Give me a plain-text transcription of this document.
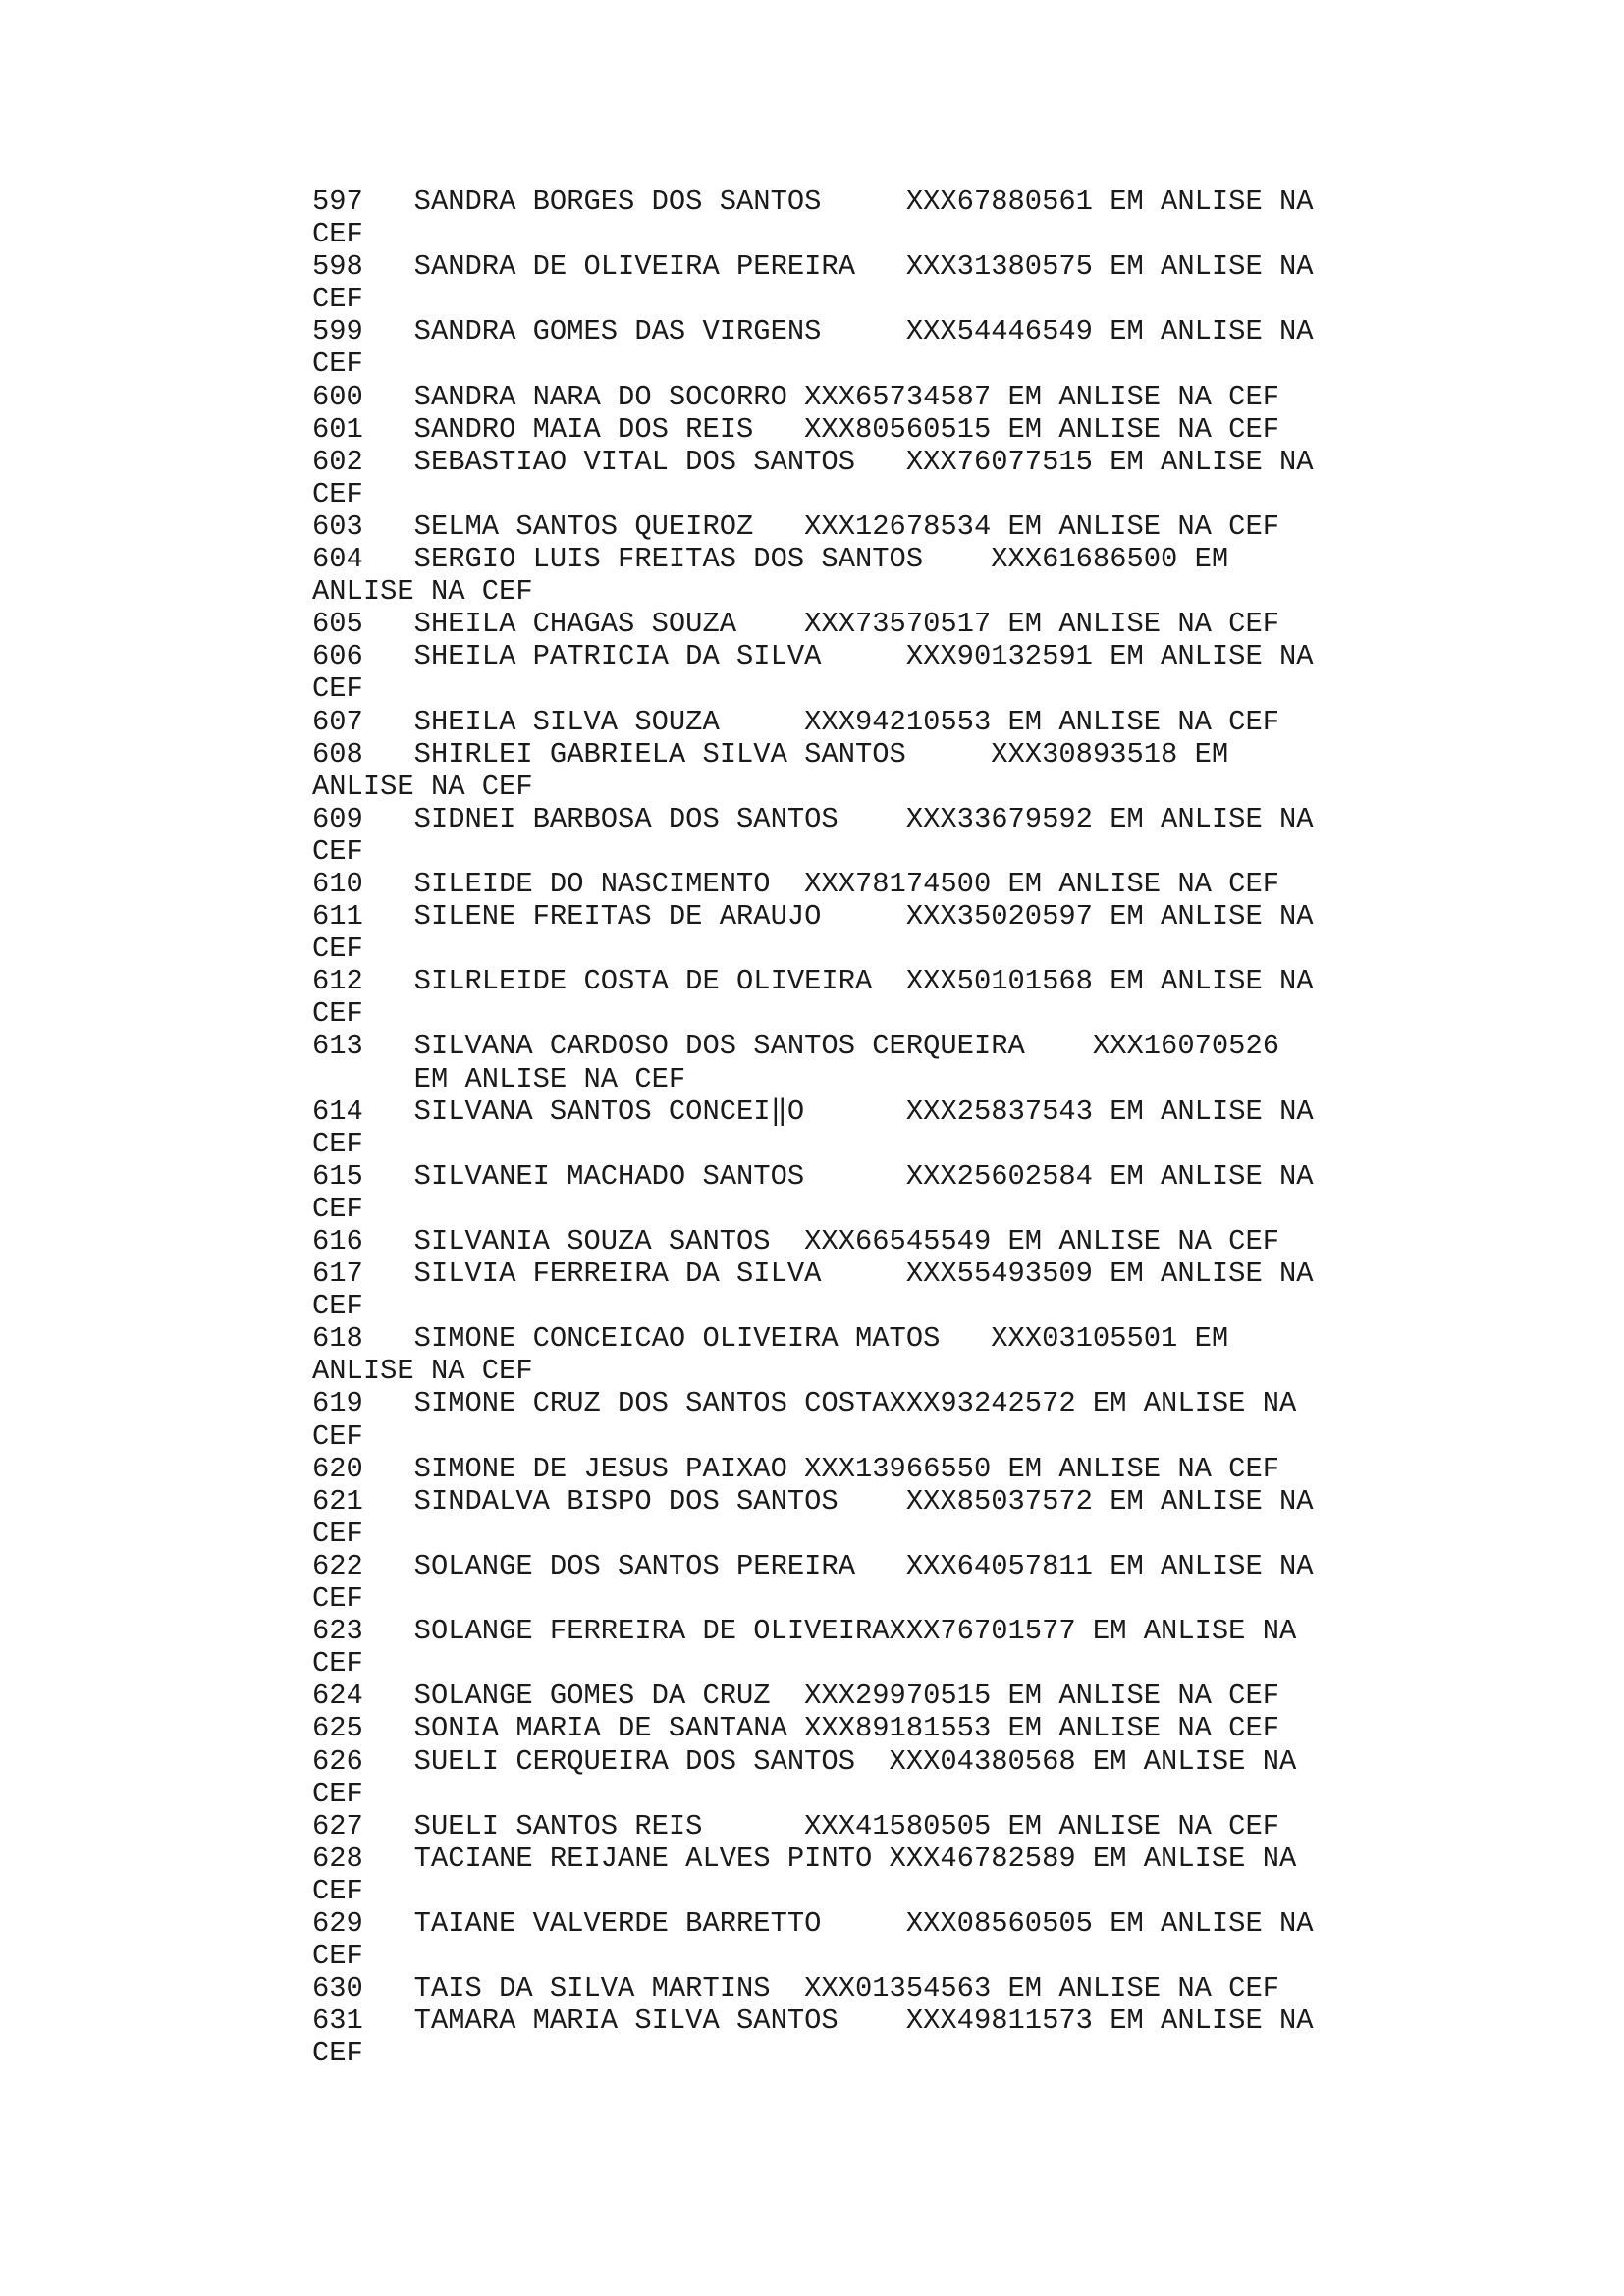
597   SANDRA BORGES DOS SANTOS     XXX67880561 EM ANLISE NA
CEF
598   SANDRA DE OLIVEIRA PEREIRA   XXX31380575 EM ANLISE NA
CEF
599   SANDRA GOMES DAS VIRGENS     XXX54446549 EM ANLISE NA
CEF
600   SANDRA NARA DO SOCORRO XXX65734587 EM ANLISE NA CEF
601   SANDRO MAIA DOS REIS   XXX80560515 EM ANLISE NA CEF
602   SEBASTIAO VITAL DOS SANTOS   XXX76077515 EM ANLISE NA
CEF
603   SELMA SANTOS QUEIROZ   XXX12678534 EM ANLISE NA CEF
604   SERGIO LUIS FREITAS DOS SANTOS    XXX61686500 EM
ANLISE NA CEF
605   SHEILA CHAGAS SOUZA    XXX73570517 EM ANLISE NA CEF
606   SHEILA PATRICIA DA SILVA     XXX90132591 EM ANLISE NA
CEF
607   SHEILA SILVA SOUZA     XXX94210553 EM ANLISE NA CEF
608   SHIRLEI GABRIELA SILVA SANTOS     XXX30893518 EM
ANLISE NA CEF
609   SIDNEI BARBOSA DOS SANTOS    XXX33679592 EM ANLISE NA
CEF
610   SILEIDE DO NASCIMENTO  XXX78174500 EM ANLISE NA CEF
611   SILENE FREITAS DE ARAUJO     XXX35020597 EM ANLISE NA
CEF
612   SILRLEIDE COSTA DE OLIVEIRA  XXX50101568 EM ANLISE NA
CEF
613   SILVANA CARDOSO DOS SANTOS CERQUEIRA    XXX16070526
EM ANLISE NA CEF
614   SILVANA SANTOS CONCEI‖O      XXX25837543 EM ANLISE NA
CEF
615   SILVANEI MACHADO SANTOS      XXX25602584 EM ANLISE NA
CEF
616   SILVANIA SOUZA SANTOS  XXX66545549 EM ANLISE NA CEF
617   SILVIA FERREIRA DA SILVA     XXX55493509 EM ANLISE NA
CEF
618   SIMONE CONCEICAO OLIVEIRA MATOS   XXX03105501 EM
ANLISE NA CEF
619   SIMONE CRUZ DOS SANTOS COSTAXXX93242572 EM ANLISE NA
CEF
620   SIMONE DE JESUS PAIXAO XXX13966550 EM ANLISE NA CEF
621   SINDALVA BISPO DOS SANTOS    XXX85037572 EM ANLISE NA
CEF
622   SOLANGE DOS SANTOS PEREIRA   XXX64057811 EM ANLISE NA
CEF
623   SOLANGE FERREIRA DE OLIVEIRAXXX76701577 EM ANLISE NA
CEF
624   SOLANGE GOMES DA CRUZ  XXX29970515 EM ANLISE NA CEF
625   SONIA MARIA DE SANTANA XXX89181553 EM ANLISE NA CEF
626   SUELI CERQUEIRA DOS SANTOS  XXX04380568 EM ANLISE NA
CEF
627   SUELI SANTOS REIS      XXX41580505 EM ANLISE NA CEF
628   TACIANE REIJANE ALVES PINTO XXX46782589 EM ANLISE NA
CEF
629   TAIANE VALVERDE BARRETTO     XXX08560505 EM ANLISE NA
CEF
630   TAIS DA SILVA MARTINS  XXX01354563 EM ANLISE NA CEF
631   TAMARA MARIA SILVA SANTOS    XXX49811573 EM ANLISE NA
CEF
